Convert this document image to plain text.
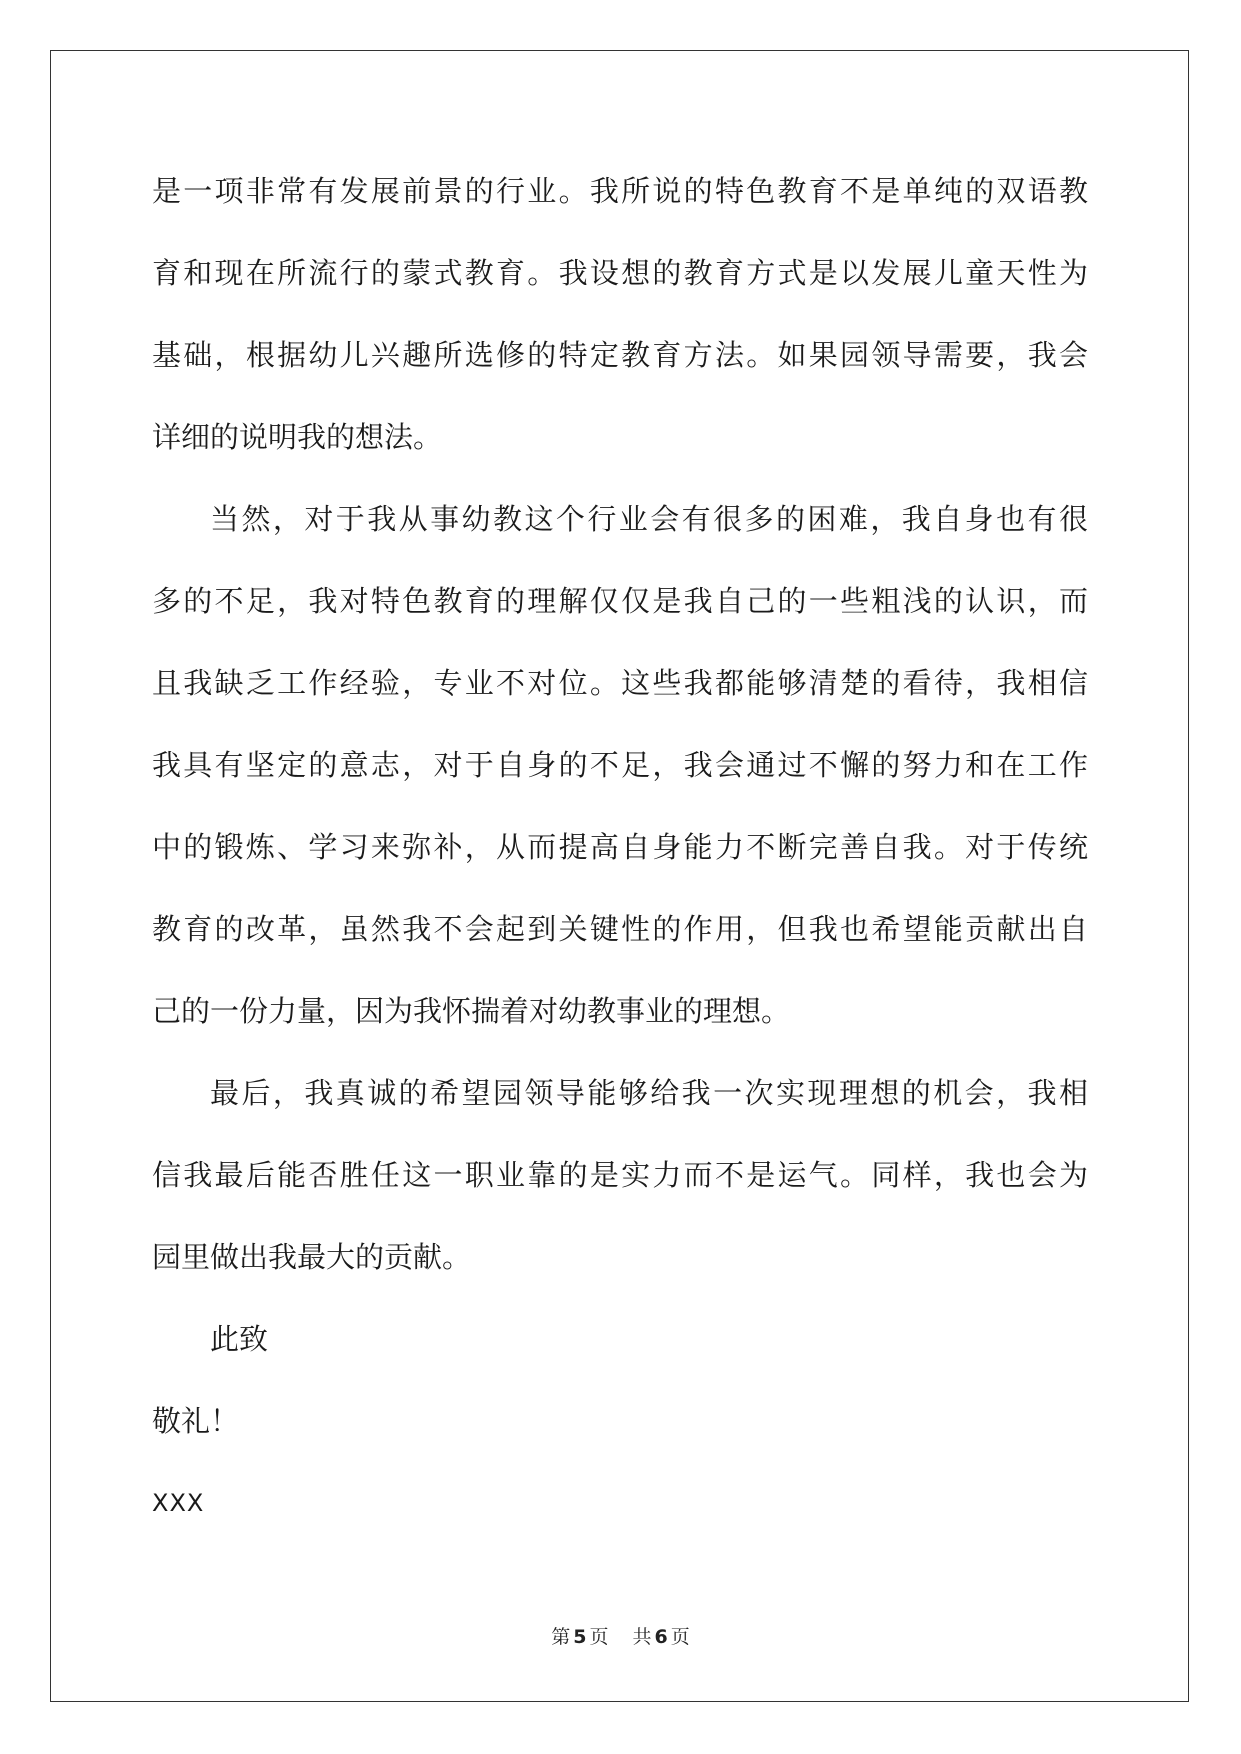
是一项非常有发展前景的行业。我所说的特色教育不是单纯的双语教
育和现在所流行的蒙式教育。我设想的教育方式是以发展儿童天性为
基础，根据幼儿兴趣所选修的特定教育方法。如果园领导需要，我会
详细的说明我的想法。
当然，对于我从事幼教这个行业会有很多的困难，我自身也有很
多的不足，我对特色教育的理解仅仅是我自己的一些粗浅的认识，而
且我缺乏工作经验，专业不对位。这些我都能够清楚的看待，我相信
我具有坚定的意志，对于自身的不足，我会通过不懈的努力和在工作
中的锻炼、学习来弥补，从而提高自身能力不断完善自我。对于传统
教育的改革，虽然我不会起到关键性的作用，但我也希望能贡献出自
己的一份力量，因为我怀揣着对幼教事业的理想。
最后，我真诚的希望园领导能够给我一次实现理想的机会，我相
信我最后能否胜任这一职业靠的是实力而不是运气。同样，我也会为
园里做出我最大的贡献。
此致
敬礼！
XXX
第 5 页 共 6 页
